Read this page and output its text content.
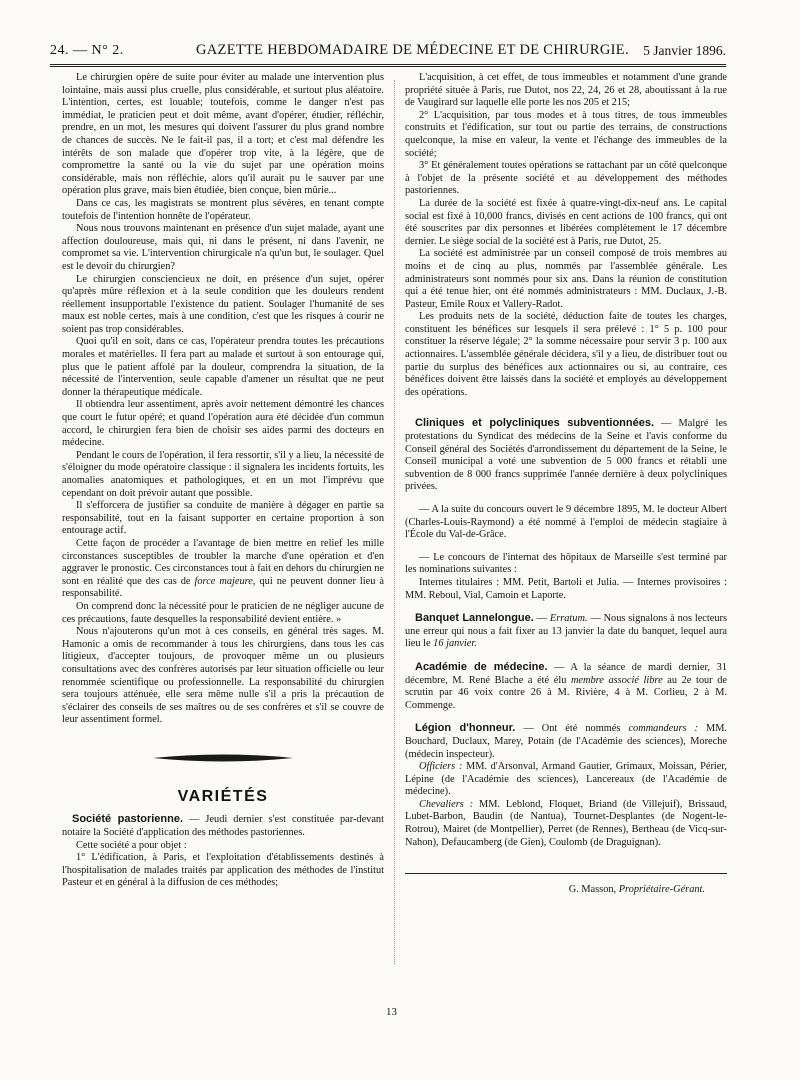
24. — N° 2.	GAZETTE HEBDOMADAIRE DE MÉDECINE ET DE CHIRURGIE. 5 Janvier 1896.

Le chirurgien opère de suite pour éviter au malade une intervention plus lointaine, mais aussi plus cruelle, plus considérable, et surtout plus aléatoire. L'intention, certes, est louable; toutefois, comme le danger n'est pas immédiat, le praticien peut et doit même, avant d'opérer, étudier, réfléchir, prendre, en un mot, les mesures qui doivent l'assurer du plus grand nombre de chances de succès. Ne le fait-il pas, il a tort; et c'est mal défendre les intérêts de son malade que d'opérer trop vite, à la légère, que de compromettre la santé ou la vie du sujet par une opération moins considérable, mais non réfléchie, alors qu'il aurait pu le sauver par une opération plus grave, mais bien étudiée, bien conçue, bien mûrie...

Dans ce cas, les magistrats se montrent plus sévères, en tenant compte toutefois de l'intention honnête de l'opérateur.

Nous nous trouvons maintenant en présence d'un sujet malade, ayant une affection douloureuse, mais qui, ni dans le présent, ni dans l'avenir, ne compromet sa vie. L'intervention chirurgicale n'a qu'un but, le soulager. Quel est le devoir du chirurgien?

Le chirurgien consciencieux ne doit, en présence d'un sujet, opérer qu'après mûre réflexion et à la seule condition que les douleurs rendent réellement insupportable l'existence du patient. Soulager l'humanité de ses maux est noble certes, mais à une condition, c'est que les risques à courir ne soient pas trop considérables.

Quoi qu'il en soit, dans ce cas, l'opérateur prendra toutes les précautions morales et matérielles. Il fera part au malade et surtout à son entourage qui, plus que le patient affolé par la douleur, comprendra la situation, de la nécessité de l'intervention, seule capable d'amener un résultat que ne peut donner la thérapeutique médicale.

Il obtiendra leur assentiment, après avoir nettement démontré les chances que court le futur opéré; et quand l'opération aura été décidée d'un commun accord, le chirurgien fera bien de choisir ses aides parmi des docteurs en médecine.

Pendant le cours de l'opération, il fera ressortir, s'il y a lieu, la nécessité de s'éloigner du mode opératoire classique : il signalera les incidents fortuits, les anomalies anatomiques et pathologiques, et en un mot l'imprévu que cependant on doit prévoir autant que possible.

Il s'efforcera de justifier sa conduite de manière à dégager en partie sa responsabilité, tout en la faisant supporter en certaine proportion à son entourage actif.

Cette façon de procéder a l'avantage de bien mettre en relief les mille circonstances susceptibles de troubler la marche d'une opération et d'en aggraver le pronostic. Ces circonstances tout à fait en dehors du chirurgien ne sont en réalité que des cas de force majeure, qui ne peuvent donner lieu à responsabilité.

On comprend donc la nécessité pour le praticien de ne négliger aucune de ces précautions, faute desquelles la responsabilité devient entière. »

Nous n'ajouterons qu'un mot à ces conseils, en général très sages. M. Hamonic a omis de recommander à tous les chirurgiens, dans tous les cas litigieux, d'accepter toujours, de provoquer même un ou plusieurs consultations avec des confrères autorisés par leur situation officielle ou leur renommée scientifique ou professionnelle. La responsabilité du chirurgien sera toujours atténuée, elle sera même nulle s'il a pris la précaution de s'éclairer des conseils de ses maîtres ou de ses confrères et s'il se couvre de leur assentiment formel.

VARIÉTÉS

Société pastorienne. — Jeudi dernier s'est constituée par-devant notaire la Société d'application des méthodes pastoriennes.

Cette société a pour objet :

1° L'édification, à Paris, et l'exploitation d'établissements destinés à l'hospitalisation de malades traités par application des méthodes de l'institut Pasteur et en général à la diffusion de ces méthodes;

L'acquisition, à cet effet, de tous immeubles et notamment d'une grande propriété située à Paris, rue Dutot, nos 22, 24, 26 et 28, aboutissant à la rue de Vaugirard sur laquelle elle porte les nos 205 et 215;

2° L'acquisition, par tous modes et à tous titres, de tous immeubles construits et l'édification, sur tout ou partie des terrains, de constructions quelconque, la mise en valeur, la vente et l'échange des immeubles de la société;

3° Et généralement toutes opérations se rattachant par un côté quelconque à l'objet de la présente société et au développement des méthodes pastoriennes.

La durée de la société est fixée à quatre-vingt-dix-neuf ans. Le capital social est fixé à 10,000 francs, divisés en cent actions de 100 francs, qui ont été souscrites par dix personnes et libérées complètement le 17 décembre dernier. Le siège social de la société est à Paris, rue Dutot, 25.

La société est administrée par un conseil composé de trois membres au moins et de cinq au plus, nommés par l'assemblée générale. Les administrateurs sont nommés pour six ans. Dans la réunion de constitution qui a été tenue hier, ont été nommés administrateurs : MM. Duclaux, J.-B. Pasteur, Emile Roux et Vallery-Radot.

Les produits nets de la société, déduction faite de toutes les charges, constituent les bénéfices sur lesquels il sera prélevé : 1° 5 p. 100 pour constituer la réserve légale; 2° la somme nécessaire pour servir 3 p. 100 aux actionnaires. L'assemblée générale décidera, s'il y a lieu, de distribuer tout ou partie du surplus des bénéfices aux actionnaires ou si, au contraire, ces bénéfices doivent être laissés dans la société et employés au développement des opérations.

Cliniques et polycliniques subventionnées. — Malgré les protestations du Syndicat des médecins de la Seine et l'avis conforme du Conseil général des Sociétés d'arrondissement du département de la Seine, le Conseil municipal a voté une subvention de 5 000 francs et rétabli une subvention de 8 000 francs supprimée l'année dernière à deux polycliniques privées.

— A la suite du concours ouvert le 9 décembre 1895, M. le docteur Albert (Charles-Louis-Raymond) a été nommé à l'emploi de médecin stagiaire à l'École du Val-de-Grâce.

— Le concours de l'internat des hôpitaux de Marseille s'est terminé par les nominations suivantes :

Internes titulaires : MM. Petit, Bartoli et Julia. — Internes provisoires : MM. Reboul, Vial, Camoin et Laporte.

Banquet Lannelongue. — Erratum. — Nous signalons à nos lecteurs une erreur qui nous a fait fixer au 13 janvier la date du banquet, lequel aura lieu le 16 janvier.

Académie de médecine. — A la séance de mardi dernier, 31 décembre, M. René Blache a été élu membre associé libre au 2e tour de scrutin par 46 voix contre 26 à M. Rivière, 4 à M. Corlieu, 2 à M. Commenge.

Légion d'honneur. — Ont été nommés commandeurs : MM. Bouchard, Duclaux, Marey, Potain (de l'Académie des sciences), Moreche (médecin inspecteur).

Officiers : MM. d'Arsonval, Armand Gautier, Grimaux, Moissan, Périer, Lépine (de l'Académie des sciences), Lancereaux (de l'Académie de médecine).

Chevaliers : MM. Leblond, Floquet, Briand (de Villejuif), Brissaud, Lubet-Barbon, Baudin (de Nantua), Tournet-Desplantes (de Nogent-le-Rotrou), Mairet (de Montpellier), Perret (de Rennes), Bertheau (de Vicq-sur-Nahon), Defaucamberg (de Gien), Coulomb (de Draguignan).

G. Masson, Propriétaire-Gérant.
13
